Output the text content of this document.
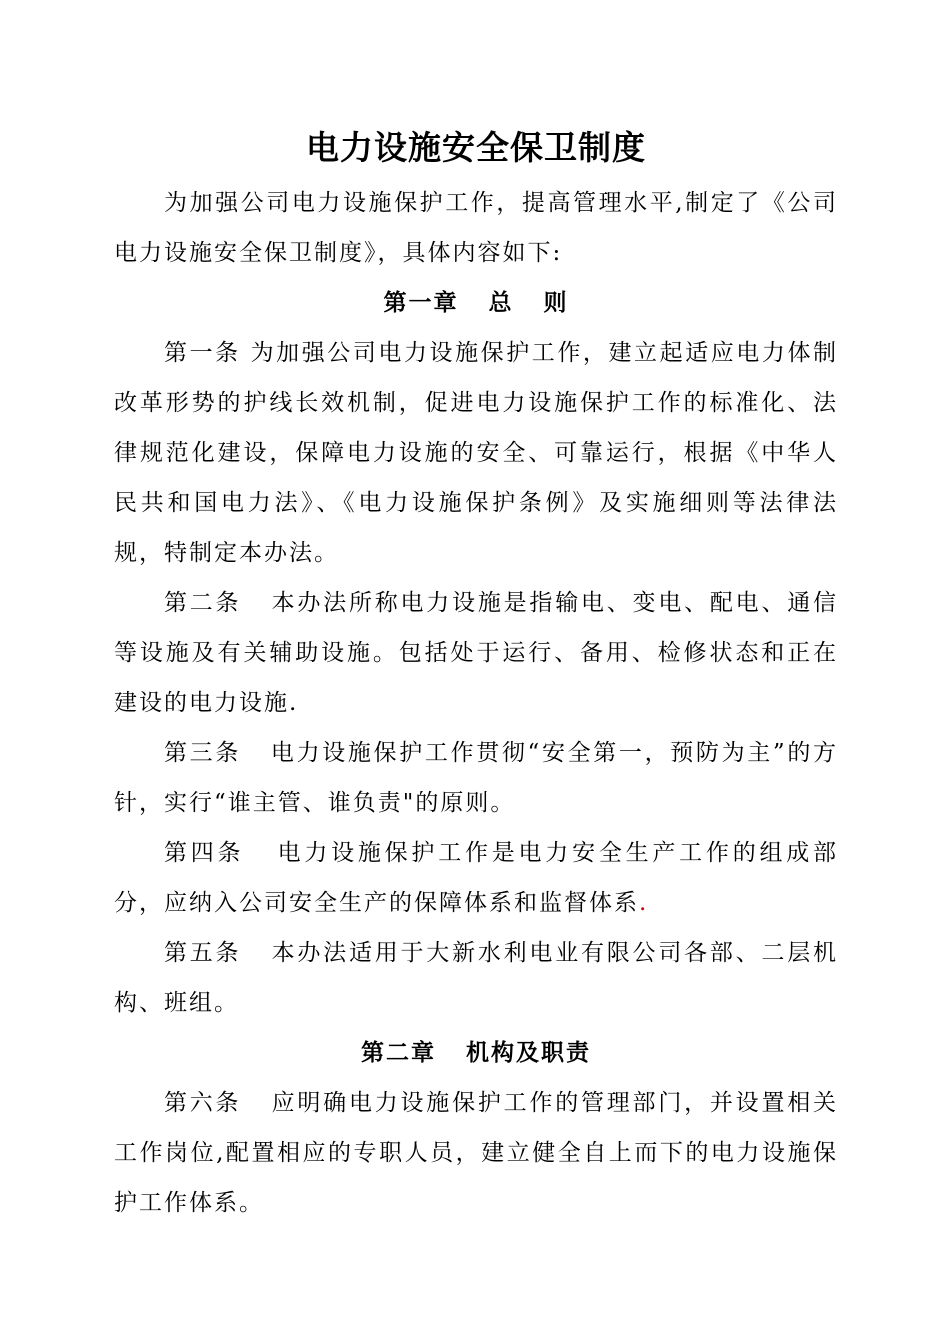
电力设施安全保卫制度

为加强公司电力设施保护工作，提高管理水平,制定了《公司电力设施安全保卫制度》，具体内容如下:

第一章   总   则

第一条 为加强公司电力设施保护工作，建立起适应电力体制改革形势的护线长效机制，促进电力设施保护工作的标准化、法律规范化建设，保障电力设施的安全、可靠运行，根据《中华人民共和国电力法》、《电力设施保护条例》及实施细则等法律法规，特制定本办法。

第二条   本办法所称电力设施是指输电、变电、配电、通信等设施及有关辅助设施。包括处于运行、备用、检修状态和正在建设的电力设施.

第三条   电力设施保护工作贯彻“安全第一，预防为主”的方针，实行“谁主管、谁负责"的原则。

第四条   电力设施保护工作是电力安全生产工作的组成部分，应纳入公司安全生产的保障体系和监督体系.

第五条   本办法适用于大新水利电业有限公司各部、二层机构、班组。

第二章   机构及职责

第六条   应明确电力设施保护工作的管理部门，并设置相关工作岗位,配置相应的专职人员，建立健全自上而下的电力设施保护工作体系。
